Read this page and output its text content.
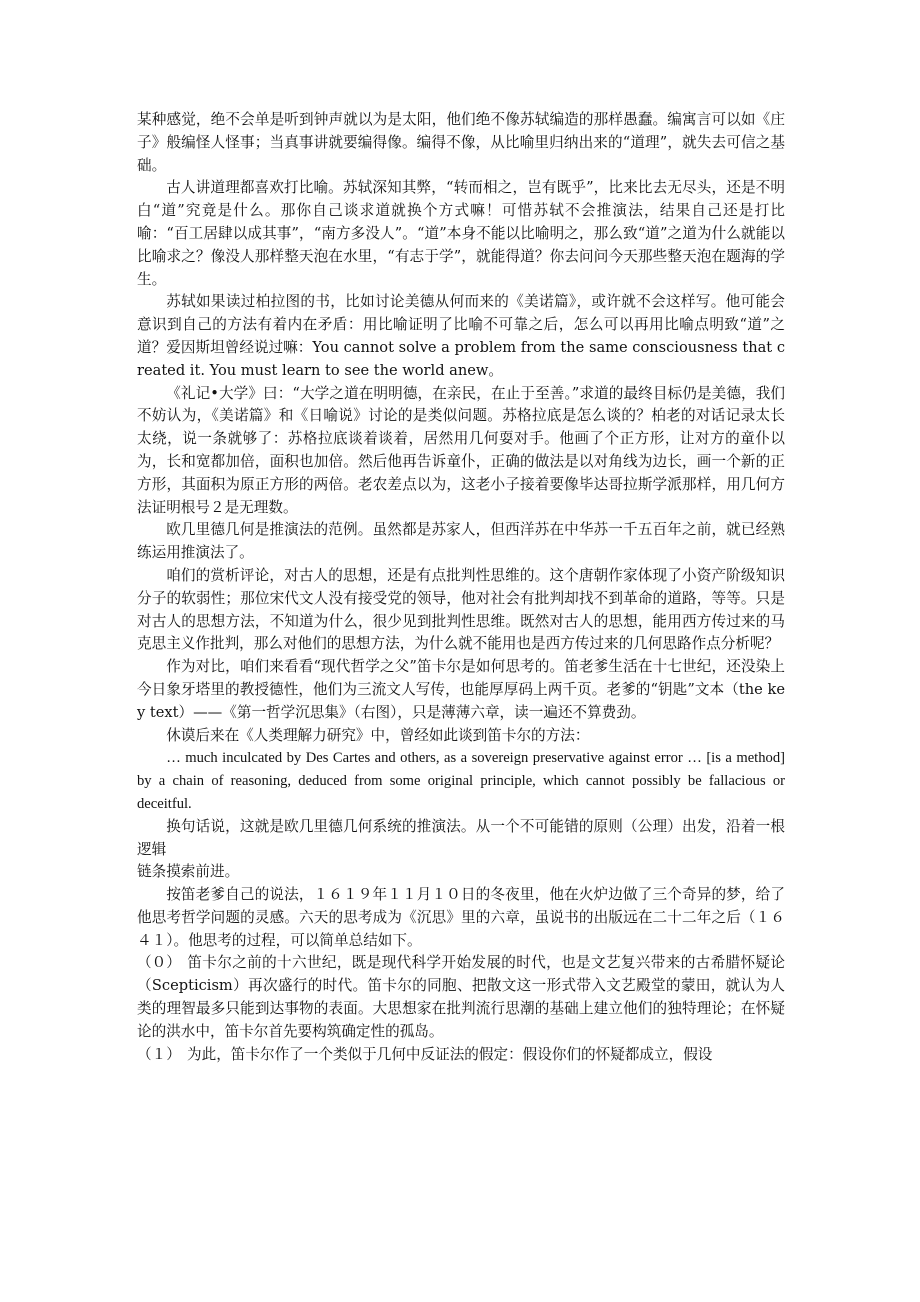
某种感觉，绝不会单是听到钟声就以为是太阳，他们绝不像苏轼编造的那样愚蠢。编寓言可以如《庄子》般编怪人怪事；当真事讲就要编得像。编得不像，从比喻里归纳出来的“道理”，就失去可信之基础。

古人讲道理都喜欢打比喻。苏轼深知其弊，“转而相之，岂有既乎”，比来比去无尽头，还是不明白“道”究竟是什么。那你自己谈求道就换个方式嘛！可惜苏轼不会推演法，结果自己还是打比喻：“百工居肆以成其事”，“南方多没人”。“道”本身不能以比喻明之，那么致“道”之道为什么就能以比喻求之？像没人那样整天泡在水里，“有志于学”，就能得道？你去问问今天那些整天泡在题海的学生。

苏轼如果读过柏拉图的书，比如讨论美德从何而来的《美诺篇》，或许就不会这样写。他可能会意识到自己的方法有着内在矛盾：用比喻证明了比喻不可靠之后，怎么可以再用比喻点明致“道”之道？爱因斯坦曾经说过嘛：You cannot solve a problem from the same consciousness that created it. You must learn to see the world anew。

《礼记•大学》曰：“大学之道在明明德，在亲民，在止于至善。”求道的最终目标仍是美德，我们不妨认为，《美诺篇》和《日喻说》讨论的是类似问题。苏格拉底是怎么谈的？柏老的对话记录太长太绕，说一条就够了：苏格拉底谈着谈着，居然用几何耍对手。他画了个正方形，让对方的童仆以为，长和宽都加倍，面积也加倍。然后他再告诉童仆，正确的做法是以对角线为边长，画一个新的正方形，其面积为原正方形的两倍。老农差点以为，这老小子接着要像毕达哥拉斯学派那样，用几何方法证明根号２是无理数。

欧几里德几何是推演法的范例。虽然都是苏家人，但西洋苏在中华苏一千五百年之前，就已经熟练运用推演法了。

咱们的赏析评论，对古人的思想，还是有点批判性思维的。这个唐朝作家体现了小资产阶级知识分子的软弱性；那位宋代文人没有接受党的领导，他对社会有批判却找不到革命的道路，等等。只是对古人的思想方法，不知道为什么，很少见到批判性思维。既然对古人的思想，能用西方传过来的马克思主义作批判，那么对他们的思想方法，为什么就不能用也是西方传过来的几何思路作点分析呢？

作为对比，咱们来看看“现代哲学之父”笛卡尔是如何思考的。笛老爹生活在十七世纪，还没染上今日象牙塔里的教授德性，他们为三流文人写传，也能厚厚码上两千页。老爹的“钥匙”文本（the key text）——《第一哲学沉思集》（右图），只是薄薄六章，读一遍还不算费劲。

休谟后来在《人类理解力研究》中，曾经如此谈到笛卡尔的方法：

… much inculcated by Des Cartes and others, as a sovereign preservative against error … [is a method] by a chain of reasoning, deduced from some original principle, which cannot possibly be fallacious or deceitful.

换句话说，这就是欧几里德几何系统的推演法。从一个不可能错的原则（公理）出发，沿着一根逻辑

链条摸索前进。

按笛老爹自己的说法，１６１９年１１月１０日的冬夜里，他在火炉边做了三个奇异的梦，给了他思考哲学问题的灵感。六天的思考成为《沉思》里的六章，虽说书的出版远在二十二年之后（１６４１）。他思考的过程，可以简单总结如下。

（０） 笛卡尔之前的十六世纪，既是现代科学开始发展的时代，也是文艺复兴带来的古希腊怀疑论（Scepticism）再次盛行的时代。笛卡尔的同胞、把散文这一形式带入文艺殿堂的蒙田，就认为人类的理智最多只能到达事物的表面。大思想家在批判流行思潮的基础上建立他们的独特理论；在怀疑论的洪水中，笛卡尔首先要构筑确定性的孤岛。

（１） 为此，笛卡尔作了一个类似于几何中反证法的假定：假设你们的怀疑都成立，假设
